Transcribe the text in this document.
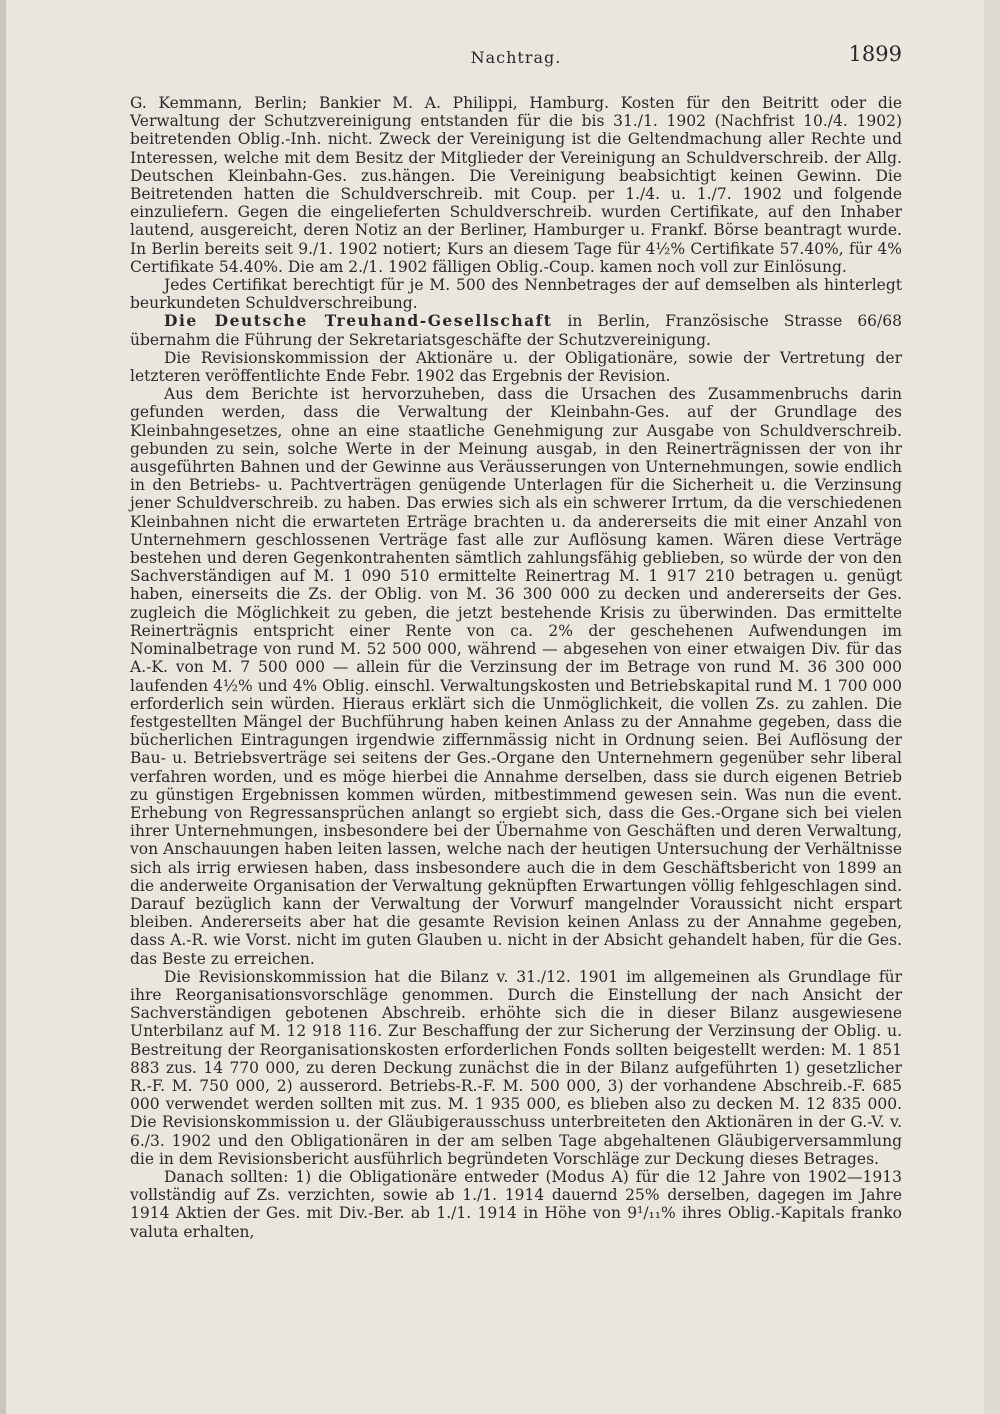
Nachtrag.	1899

G. Kemmann, Berlin; Bankier M. A. Philippi, Hamburg. Kosten für den Beitritt oder die Verwaltung der Schutzvereinigung entstanden für die bis 31./1. 1902 (Nachfrist 10./4. 1902) beitretenden Oblig.-Inh. nicht. Zweck der Vereinigung ist die Geltendmachung aller Rechte und Interessen, welche mit dem Besitz der Mitglieder der Vereinigung an Schuldverschreib. der Allg. Deutschen Kleinbahn-Ges. zus.hängen. Die Vereinigung beabsichtigt keinen Gewinn. Die Beitretenden hatten die Schuldverschreib. mit Coup. per 1./4. u. 1./7. 1902 und folgende einzuliefern. Gegen die eingelieferten Schuldverschreib. wurden Certifikate, auf den Inhaber lautend, ausgereicht, deren Notiz an der Berliner, Hamburger u. Frankf. Börse beantragt wurde. In Berlin bereits seit 9./1. 1902 notiert; Kurs an diesem Tage für 4½% Certifikate 57.40%, für 4% Certifikate 54.40%. Die am 2./1. 1902 fälligen Oblig.-Coup. kamen noch voll zur Einlösung.

Jedes Certifikat berechtigt für je M. 500 des Nennbetrages der auf demselben als hinterlegt beurkundeten Schuldverschreibung.

Die Deutsche Treuhand-Gesellschaft in Berlin, Französische Strasse 66/68 übernahm die Führung der Sekretariatsgeschäfte der Schutzvereinigung.

Die Revisionskommission der Aktionäre u. der Obligationäre, sowie der Vertretung der letzteren veröffentlichte Ende Febr. 1902 das Ergebnis der Revision.

Aus dem Berichte ist hervorzuheben, dass die Ursachen des Zusammenbruchs darin gefunden werden, dass die Verwaltung der Kleinbahn-Ges. auf der Grundlage des Kleinbahngesetzes, ohne an eine staatliche Genehmigung zur Ausgabe von Schuldverschreib. gebunden zu sein, solche Werte in der Meinung ausgab, in den Reinerträgnissen der von ihr ausgeführten Bahnen und der Gewinne aus Veräusserungen von Unternehmungen, sowie endlich in den Betriebs- u. Pachtverträgen genügende Unterlagen für die Sicherheit u. die Verzinsung jener Schuldverschreib. zu haben. Das erwies sich als ein schwerer Irrtum, da die verschiedenen Kleinbahnen nicht die erwarteten Erträge brachten u. da andererseits die mit einer Anzahl von Unternehmern geschlossenen Verträge fast alle zur Auflösung kamen. Wären diese Verträge bestehen und deren Gegenkontrahenten sämtlich zahlungsfähig geblieben, so würde der von den Sachverständigen auf M. 1 090 510 ermittelte Reinertrag M. 1 917 210 betragen u. genügt haben, einerseits die Zs. der Oblig. von M. 36 300 000 zu decken und andererseits der Ges. zugleich die Möglichkeit zu geben, die jetzt bestehende Krisis zu überwinden. Das ermittelte Reinerträgnis entspricht einer Rente von ca. 2% der geschehenen Aufwendungen im Nominalbetrage von rund M. 52 500 000, während — abgesehen von einer etwaigen Div. für das A.-K. von M. 7 500 000 — allein für die Verzinsung der im Betrage von rund M. 36 300 000 laufenden 4½% und 4% Oblig. einschl. Verwaltungskosten und Betriebskapital rund M. 1 700 000 erforderlich sein würden. Hieraus erklärt sich die Unmöglichkeit, die vollen Zs. zu zahlen. Die festgestellten Mängel der Buchführung haben keinen Anlass zu der Annahme gegeben, dass die bücherlichen Eintragungen irgendwie ziffernmässig nicht in Ordnung seien. Bei Auflösung der Bau- u. Betriebsverträge sei seitens der Ges.-Organe den Unternehmern gegenüber sehr liberal verfahren worden, und es möge hierbei die Annahme derselben, dass sie durch eigenen Betrieb zu günstigen Ergebnissen kommen würden, mitbestimmend gewesen sein. Was nun die event. Erhebung von Regressansprüchen anlangt so ergiebt sich, dass die Ges.-Organe sich bei vielen ihrer Unternehmungen, insbesondere bei der Übernahme von Geschäften und deren Verwaltung, von Anschauungen haben leiten lassen, welche nach der heutigen Untersuchung der Verhältnisse sich als irrig erwiesen haben, dass insbesondere auch die in dem Geschäftsbericht von 1899 an die anderweite Organisation der Verwaltung geknüpften Erwartungen völlig fehlgeschlagen sind. Darauf bezüglich kann der Verwaltung der Vorwurf mangelnder Voraussicht nicht erspart bleiben. Andererseits aber hat die gesamte Revision keinen Anlass zu der Annahme gegeben, dass A.-R. wie Vorst. nicht im guten Glauben u. nicht in der Absicht gehandelt haben, für die Ges. das Beste zu erreichen.

Die Revisionskommission hat die Bilanz v. 31./12. 1901 im allgemeinen als Grundlage für ihre Reorganisationsvorschläge genommen. Durch die Einstellung der nach Ansicht der Sachverständigen gebotenen Abschreib. erhöhte sich die in dieser Bilanz ausgewiesene Unterbilanz auf M. 12 918 116. Zur Beschaffung der zur Sicherung der Verzinsung der Oblig. u. Bestreitung der Reorganisationskosten erforderlichen Fonds sollten beigestellt werden: M. 1 851 883 zus. 14 770 000, zu deren Deckung zunächst die in der Bilanz aufgeführten 1) gesetzlicher R.-F. M. 750 000, 2) ausserord. Betriebs-R.-F. M. 500 000, 3) der vorhandene Abschreib.-F. 685 000 verwendet werden sollten mit zus. M. 1 935 000, es blieben also zu decken M. 12 835 000. Die Revisionskommission u. der Gläubigerausschuss unterbreiteten den Aktionären in der G.-V. v. 6./3. 1902 und den Obligationären in der am selben Tage abgehaltenen Gläubigerversammlung die in dem Revisionsbericht ausführlich begründeten Vorschläge zur Deckung dieses Betrages.

Danach sollten: 1) die Obligationäre entweder (Modus A) für die 12 Jahre von 1902—1913 vollständig auf Zs. verzichten, sowie ab 1./1. 1914 dauernd 25% derselben, dagegen im Jahre 1914 Aktien der Ges. mit Div.-Ber. ab 1./1. 1914 in Höhe von 9¹/₁₁% ihres Oblig.-Kapitals franko valuta erhalten,
